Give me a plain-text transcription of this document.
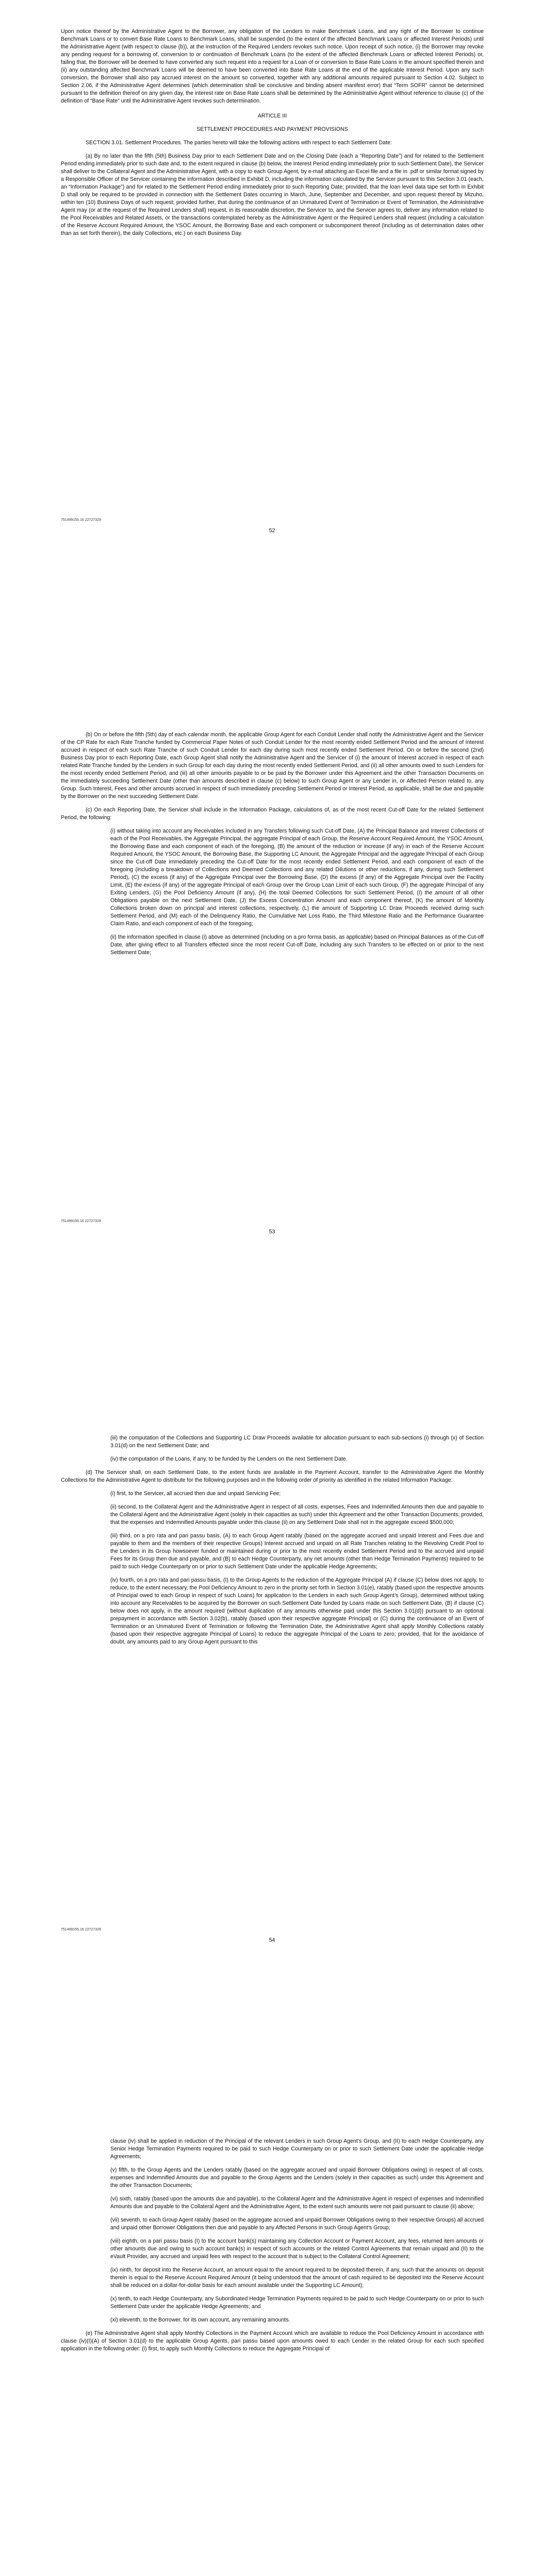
Upon notice thereof by the Administrative Agent to the Borrower, any obligation of the Lenders to make Benchmark Loans, and any right of the Borrower to continue Benchmark Loans or to convert Base Rate Loans to Benchmark Loans, shall be suspended (to the extent of the affected Benchmark Loans or affected Interest Periods) until the Administrative Agent (with respect to clause (b)), at the instruction of the Required Lenders revokes such notice. Upon receipt of such notice, (i) the Borrower may revoke any pending request for a borrowing of, conversion to or continuation of Benchmark Loans (to the extent of the affected Benchmark Loans or affected Interest Periods) or, failing that, the Borrower will be deemed to have converted any such request into a request for a Loan of or conversion to Base Rate Loans in the amount specified therein and (ii) any outstanding affected Benchmark Loans will be deemed to have been converted into Base Rate Loans at the end of the applicable Interest Period. Upon any such conversion, the Borrower shall also pay accrued interest on the amount so converted, together with any additional amounts required pursuant to Section 4.02. Subject to Section 2.06, if the Administrative Agent determines (which determination shall be conclusive and binding absent manifest error) that “Term SOFR” cannot be determined pursuant to the definition thereof on any given day, the interest rate on Base Rate Loans shall be determined by the Administrative Agent without reference to clause (c) of the definition of “Base Rate” until the Administrative Agent revokes such determination.

ARTICLE III

SETTLEMENT PROCEDURES AND PAYMENT PROVISIONS

SECTION 3.01. Settlement Procedures. The parties hereto will take the following actions with respect to each Settlement Date:

(a) By no later than the fifth (5th) Business Day prior to each Settlement Date and on the Closing Date (each a “Reporting Date”) and for related to the Settlement Period ending immediately prior to such date and, to the extent required in clause (b) below, the Interest Period ending immediately prior to such Settlement Date), the Servicer shall deliver to the Collateral Agent and the Administrative Agent, with a copy to each Group Agent, by e-mail attaching an Excel file and a file in .pdf or similar format signed by a Responsible Officer of the Servicer containing the information described in Exhibit D, including the information calculated by the Servicer pursuant to this Section 3.01 (each, an “Information Package”) and for related to the Settlement Period ending immediately prior to such Reporting Date; provided, that the loan level data tape set forth in Exhibit D shall only be required to be provided in connection with the Settlement Dates occurring in March, June, September and December, and upon request thereof by Mizuho, within ten (10) Business Days of such request; provided further, that during the continuance of an Unmatured Event of Termination or Event of Termination, the Administrative Agent may (or at the request of the Required Lenders shall) request, in its reasonable discretion, the Servicer to, and the Servicer agrees to, deliver any information related to the Pool Receivables and Related Assets, or the transactions contemplated hereby as the Administrative Agent or the Required Lenders shall request (including a calculation of the Reserve Account Required Amount, the YSOC Amount, the Borrowing Base and each component or subcomponent thereof (including as of determination dates other than as set forth therein), the daily Collections, etc.) on each Business Day.

751499155.16 22727329
52

(b) On or before the fifth (5th) day of each calendar month, the applicable Group Agent for each Conduit Lender shall notify the Administrative Agent and the Servicer of the CP Rate for each Rate Tranche funded by Commercial Paper Notes of such Conduit Lender for the most recently ended Settlement Period and the amount of Interest accrued in respect of each such Rate Tranche of such Conduit Lender for each day during such most recently ended Settlement Period. On or before the second (2nd) Business Day prior to each Reporting Date, each Group Agent shall notify the Administrative Agent and the Servicer of (i) the amount of Interest accrued in respect of each related Rate Tranche funded by the Lenders in such Group for each day during the most recently ended Settlement Period, and (ii) all other amounts owed to such Lenders for the most recently ended Settlement Period, and (iii) all other amounts payable to or be paid by the Borrower under this Agreement and the other Transaction Documents on the immediately succeeding Settlement Date (other than amounts described in clause (c) below) to such Group Agent or any Lender in, or Affected Person related to, any Group. Such Interest, Fees and other amounts accrued in respect of such immediately preceding Settlement Period or Interest Period, as applicable, shall be due and payable by the Borrower on the next succeeding Settlement Date.

(c) On each Reporting Date, the Servicer shall include in the Information Package, calculations of, as of the most recent Cut-off Date for the related Settlement Period, the following:

(i) without taking into account any Receivables included in any Transfers following such Cut-off Date, (A) the Principal Balance and Interest Collections of each of the Pool Receivables, the Aggregate Principal, the aggregate Principal of each Group, the Reserve Account Required Amount, the YSOC Amount, the Borrowing Base and each component of each of the foregoing, (B) the amount of the reduction or increase (if any) in each of the Reserve Account Required Amount, the YSOC Amount, the Borrowing Base, the Supporting LC Amount, the Aggregate Principal and the aggregate Principal of each Group since the Cut-off Date immediately preceding the Cut-off Date for the most recently ended Settlement Period, and each component of each of the foregoing (including a breakdown of Collections and Deemed Collections and any related Dilutions or other reductions, if any, during such Settlement Period), (C) the excess (if any) of the Aggregate Principal over the Borrowing Base, (D) the excess (if any) of the Aggregate Principal over the Facility Limit, (E) the excess (if any) of the aggregate Principal of each Group over the Group Loan Limit of each such Group, (F) the aggregate Principal of any Exiting Lenders, (G) the Pool Deficiency Amount (if any), (H) the total Deemed Collections for such Settlement Period, (I) the amount of all other Obligations payable on the next Settlement Date, (J) the Excess Concentration Amount and each component thereof, (K) the amount of Monthly Collections broken down on principal and interest collections, respectively, (L) the amount of Supporting LC Draw Proceeds received during such Settlement Period, and (M) each of the Delinquency Ratio, the Cumulative Net Loss Ratio, the Third Milestone Ratio and the Performance Guarantee Claim Ratio, and each component of each of the foregoing;

(ii) the information specified in clause (i) above as determined (including on a pro forma basis, as applicable) based on Principal Balances as of the Cut-off Date, after giving effect to all Transfers effected since the most recent Cut-off Date, including any such Transfers to be effected on or prior to the next Settlement Date;

751499155.16 22727329
53

(iii) the computation of the Collections and Supporting LC Draw Proceeds available for allocation pursuant to each sub-sections (i) through (x) of Section 3.01(d) on the next Settlement Date; and

(iv) the computation of the Loans, if any, to be funded by the Lenders on the next Settlement Date.

(d) The Servicer shall, on each Settlement Date, to the extent funds are available in the Payment Account, transfer to the Administrative Agent the Monthly Collections for the Administrative Agent to distribute for the following purposes and in the following order of priority as identified in the related Information Package:

(i) first, to the Servicer, all accrued then due and unpaid Servicing Fee;

(ii) second, to the Collateral Agent and the Administrative Agent in respect of all costs, expenses, Fees and Indemnified Amounts then due and payable to the Collateral Agent and the Administrative Agent (solely in their capacities as such) under this Agreement and the other Transaction Documents; provided, that the expenses and Indemnified Amounts payable under this clause (ii) on any Settlement Date shall not in the aggregate exceed $500,000;

(iii) third, on a pro rata and pari passu basis, (A) to each Group Agent ratably (based on the aggregate accrued and unpaid Interest and Fees due and payable to them and the members of their respective Groups) Interest accrued and unpaid on all Rate Tranches relating to the Revolving Credit Pool to the Lenders in its Group howsoever funded or maintained during or prior to the most recently ended Settlement Period and to the accrued and unpaid Fees for its Group then due and payable, and (B) to each Hedge Counterparty, any net amounts (other than Hedge Termination Payments) required to be paid to such Hedge Counterparty on or prior to such Settlement Date under the applicable Hedge Agreements;

(iv) fourth, on a pro rata and pari passu basis, (I) to the Group Agents to the reduction of the Aggregate Principal (A) if clause (C) below does not apply, to reduce, to the extent necessary, the Pool Deficiency Amount to zero in the priority set forth in Section 3.01(e), ratably (based upon the respective amounts of Principal owed to each Group in respect of such Loans) for application to the Lenders in each such Group Agent’s Group), determined without taking into account any Receivables to be acquired by the Borrower on such Settlement Date funded by Loans made on such Settlement Date, (B) if clause (C) below does not apply, in the amount required (without duplication of any amounts otherwise paid under this Section 3.01(d)) pursuant to an optional prepayment in accordance with Section 3.02(b), ratably (based upon their respective aggregate Principal) or (C) during the continuance of an Event of Termination or an Unmatured Event of Termination or following the Termination Date, the Administrative Agent shall apply Monthly Collections ratably (based upon their respective aggregate Principal of Loans) to reduce the aggregate Principal of the Loans to zero; provided, that for the avoidance of doubt, any amounts paid to any Group Agent pursuant to this

751499155.16 22727329
54

clause (iv) shall be applied in reduction of the Principal of the relevant Lenders in such Group Agent’s Group, and (II) to each Hedge Counterparty, any Senior Hedge Termination Payments required to be paid to such Hedge Counterparty on or prior to such Settlement Date under the applicable Hedge Agreements;

(v) fifth, to the Group Agents and the Lenders ratably (based on the aggregate accrued and unpaid Borrower Obligations owing) in respect of all costs, expenses and Indemnified Amounts due and payable to the Group Agents and the Lenders (solely in their capacities as such) under this Agreement and the other Transaction Documents;

(vi) sixth, ratably (based upon the amounts due and payable), to the Collateral Agent and the Administrative Agent in respect of expenses and Indemnified Amounts due and payable to the Collateral Agent and the Administrative Agent, to the extent such amounts were not paid pursuant to clause (ii) above;

(vii) seventh, to each Group Agent ratably (based on the aggregate accrued and unpaid Borrower Obligations owing to their respective Groups) all accrued and unpaid other Borrower Obligations then due and payable to any Affected Persons in such Group Agent’s Group;

(viii) eighth, on a pari passu basis (I) to the account bank(s) maintaining any Collection Account or Payment Account, any fees, returned item amounts or other amounts due and owing to such account bank(s) in respect of such accounts or the related Control Agreements that remain unpaid and (II) to the eVault Provider, any accrued and unpaid fees with respect to the account that is subject to the Collateral Control Agreement;

(ix) ninth, for deposit into the Reserve Account, an amount equal to the amount required to be deposited therein, if any, such that the amounts on deposit therein is equal to the Reserve Account Required Amount (it being understood that the amount of cash required to be deposited into the Reserve Account shall be reduced on a dollar-for-dollar basis for each amount available under the Supporting LC Amount);

(x) tenth, to each Hedge Counterparty, any Subordinated Hedge Termination Payments required to be paid to such Hedge Counterparty on or prior to such Settlement Date under the applicable Hedge Agreements; and

(xi) eleventh, to the Borrower, for its own account, any remaining amounts.

(e) The Administrative Agent shall apply Monthly Collections in the Payment Account which are available to reduce the Pool Deficiency Amount in accordance with clause (iv)(I)(A) of Section 3.01(d) to the applicable Group Agents, pari passu based upon amounts owed to each Lender in the related Group for each such specified application in the following order: (i) first, to apply such Monthly Collections to reduce the Aggregate Principal of
